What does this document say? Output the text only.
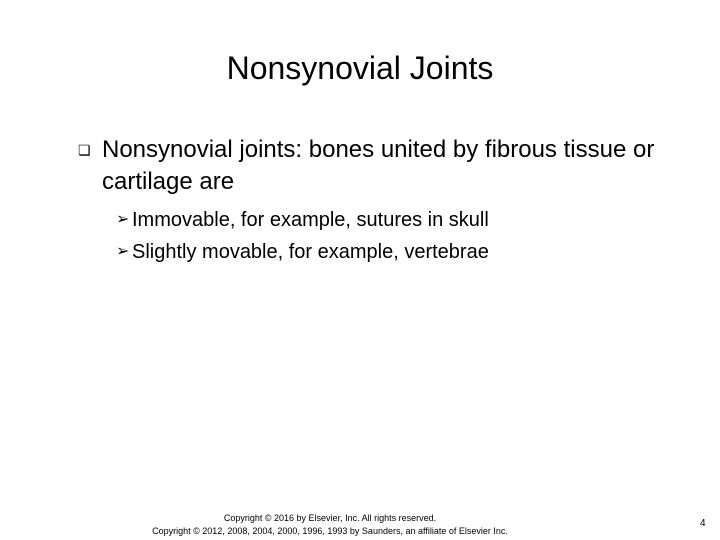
Nonsynovial Joints
❏ Nonsynovial joints: bones united by fibrous tissue or cartilage are
➢ Immovable, for example, sutures in skull
➢ Slightly movable, for example, vertebrae
Copyright © 2016 by Elsevier, Inc. All rights reserved.
Copyright © 2012, 2008, 2004, 2000, 1996, 1993 by Saunders, an affiliate of Elsevier Inc.
4
